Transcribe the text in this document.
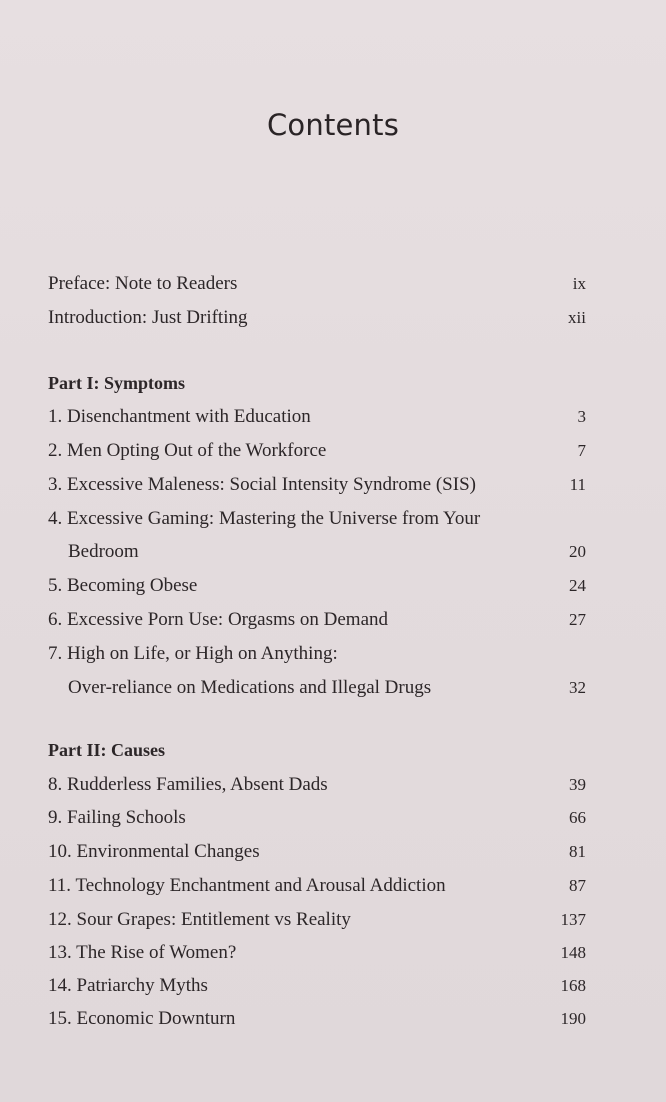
Contents
Preface: Note to Readers	ix
Introduction: Just Drifting	xii
Part I: Symptoms
1. Disenchantment with Education	3
2. Men Opting Out of the Workforce	7
3. Excessive Maleness: Social Intensity Syndrome (SIS)	11
4. Excessive Gaming: Mastering the Universe from Your
Bedroom	20
5. Becoming Obese	24
6. Excessive Porn Use: Orgasms on Demand	27
7. High on Life, or High on Anything:
Over-reliance on Medications and Illegal Drugs	32
Part II: Causes
8. Rudderless Families, Absent Dads	39
9. Failing Schools	66
10. Environmental Changes	81
11. Technology Enchantment and Arousal Addiction	87
12. Sour Grapes: Entitlement vs Reality	137
13. The Rise of Women?	148
14. Patriarchy Myths	168
15. Economic Downturn	190
